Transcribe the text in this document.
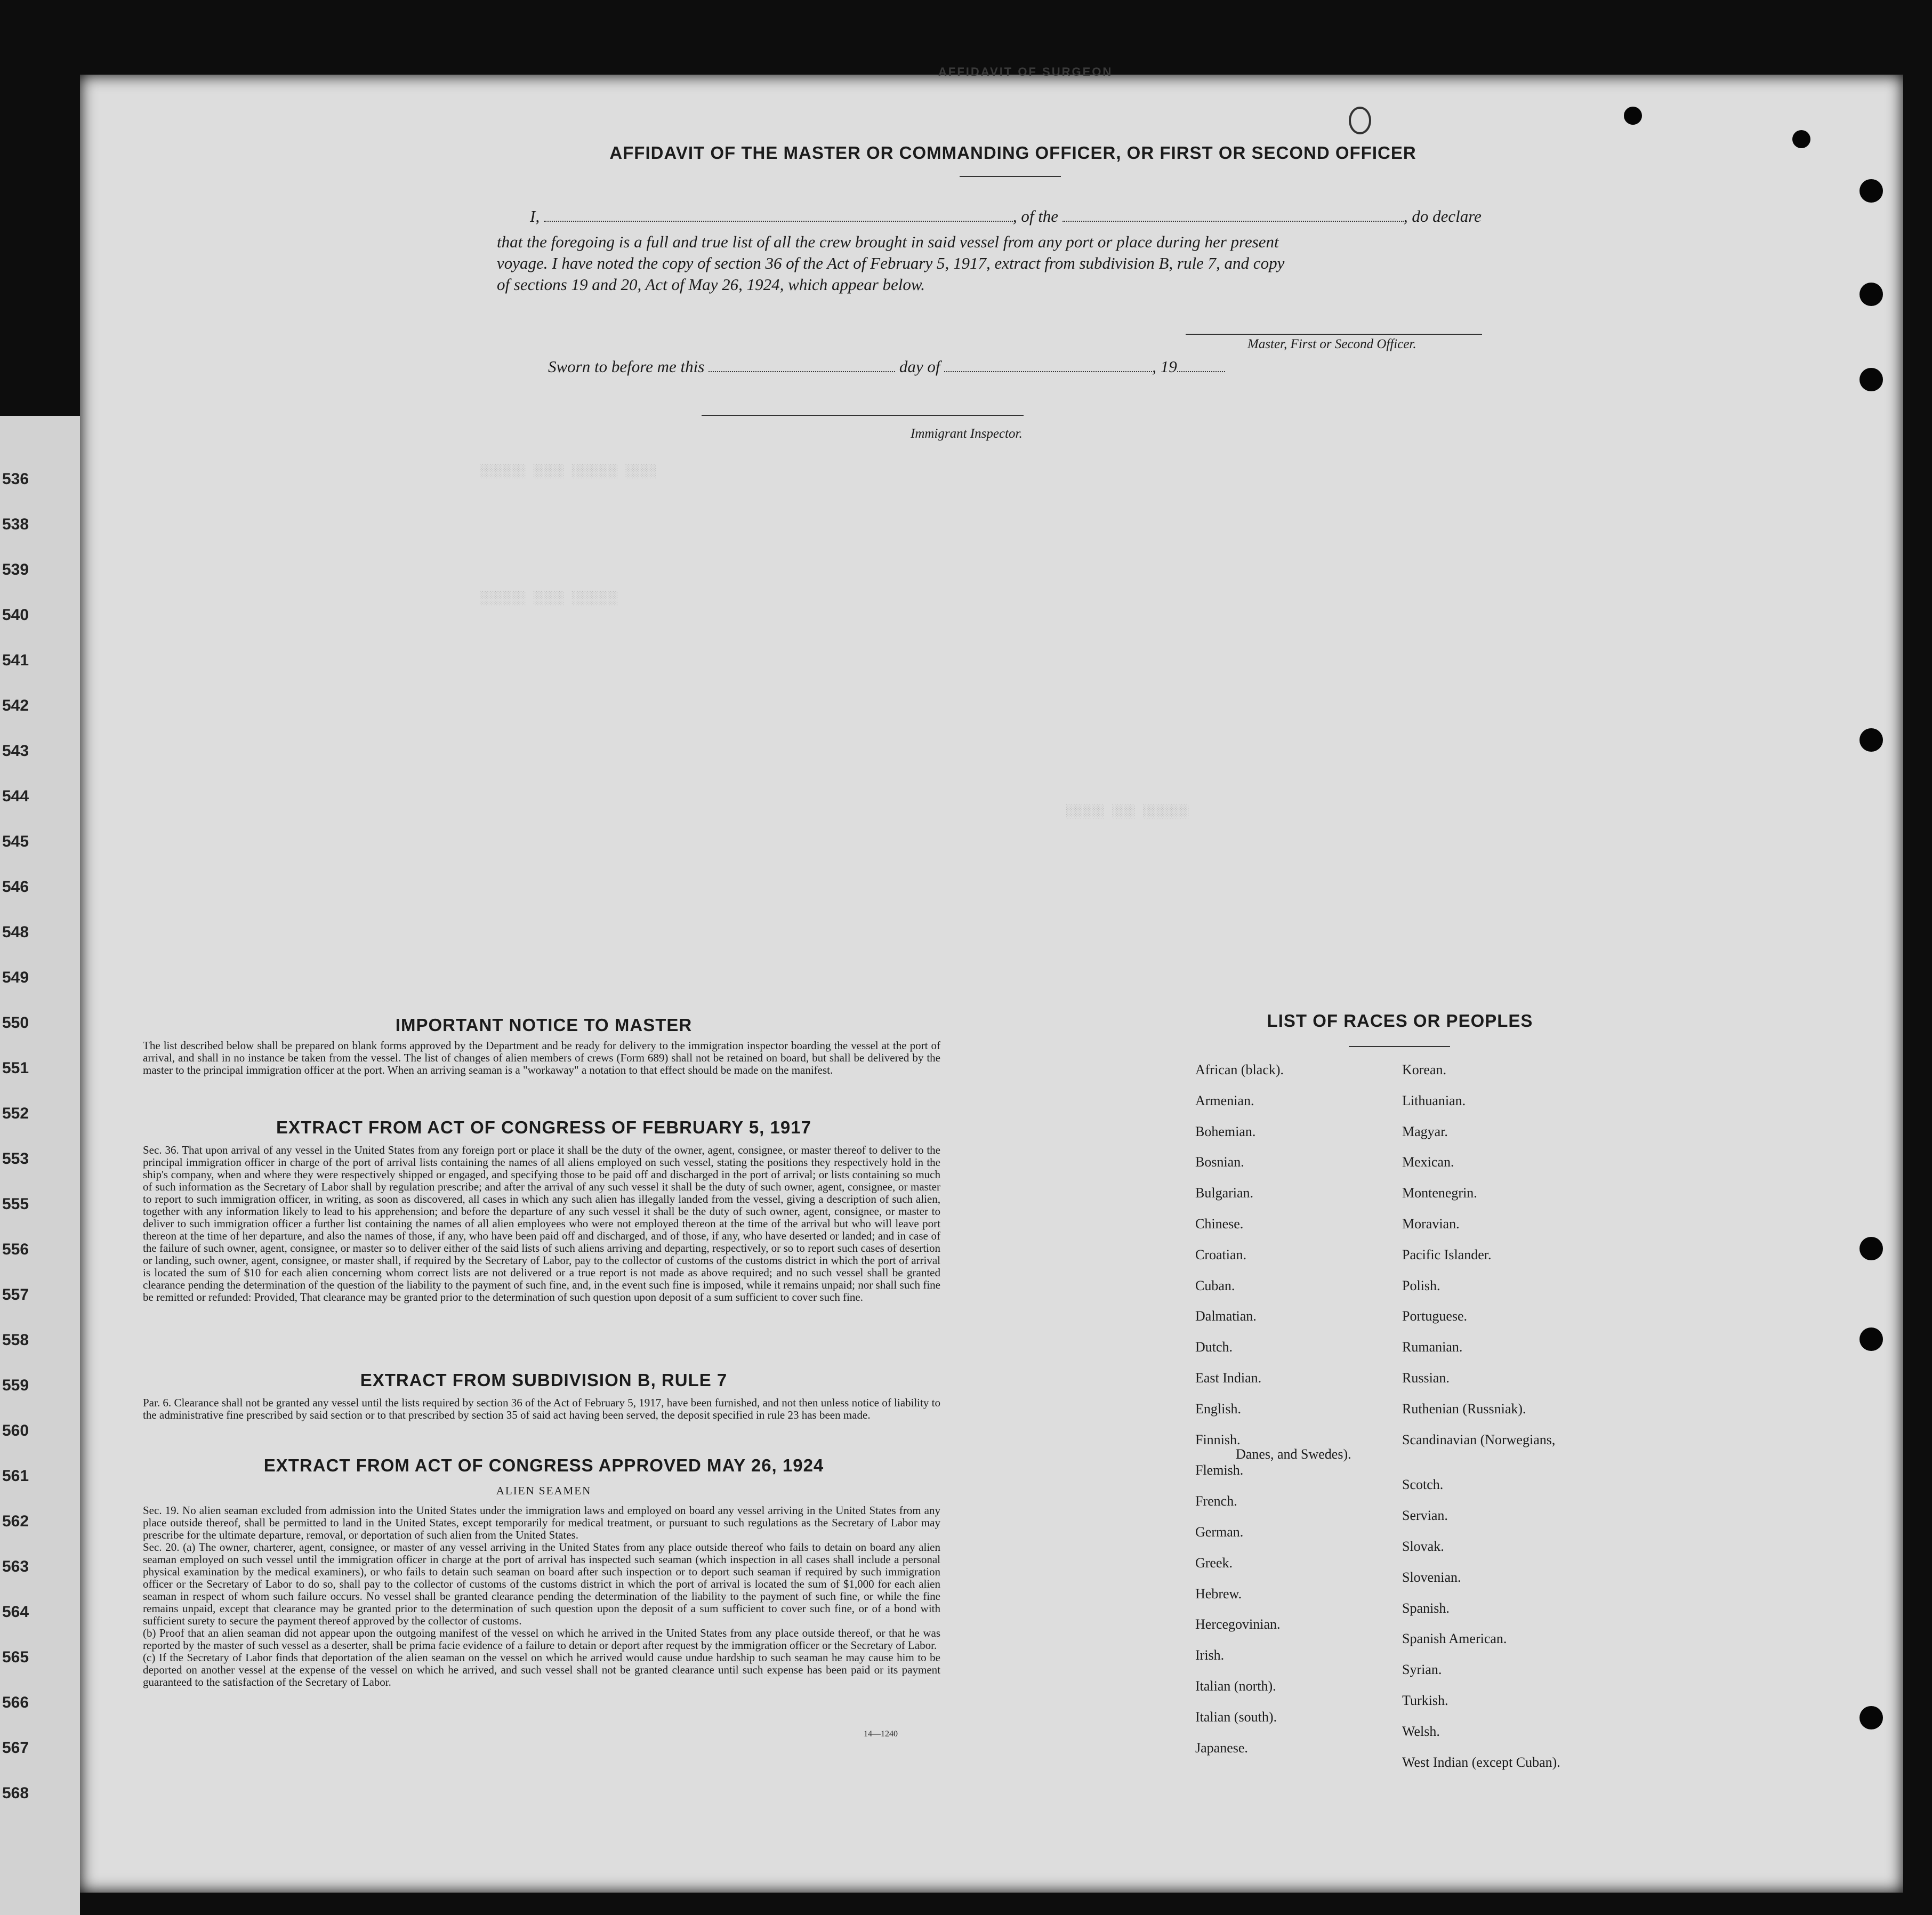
AFFIDAVIT OF SURGEON
536
538
539
540
541
542
543
544
545
546
548
549
550
551
552
553
555
556
557
558
559
560
561
562
563
564
565
566
567
568
░░░░░░ ░░░░ ░░░░░░ ░░░░
░░░░░░ ░░░░ ░░░░░░
░░░░░ ░░░ ░░░░░░
AFFIDAVIT OF THE MASTER OR COMMANDING OFFICER, OR FIRST OR SECOND OFFICER
I,	, of the	, do declare
that the foregoing is a full and true list of all the crew brought in said vessel from any port or place during her present
voyage. I have noted the copy of section 36 of the Act of February 5, 1917, extract from subdivision B, rule 7, and copy
of sections 19 and 20, Act of May 26, 1924, which appear below.
Master, First or Second Officer.
Sworn to before me this	day of	, 19
Immigrant Inspector.
IMPORTANT NOTICE TO MASTER
The list described below shall be prepared on blank forms approved by the Department and be ready for delivery to the immigration inspector boarding the vessel at the port of arrival, and shall in no instance be taken from the vessel. The list of changes of alien members of crews (Form 689) shall not be retained on board, but shall be delivered by the master to the principal immigration officer at the port. When an arriving seaman is a "workaway" a notation to that effect should be made on the manifest.
EXTRACT FROM ACT OF CONGRESS OF FEBRUARY 5, 1917
Sec. 36. That upon arrival of any vessel in the United States from any foreign port or place it shall be the duty of the owner, agent, consignee, or master thereof to deliver to the principal immigration officer in charge of the port of arrival lists containing the names of all aliens employed on such vessel, stating the positions they respectively hold in the ship's company, when and where they were respectively shipped or engaged, and specifying those to be paid off and discharged in the port of arrival; or lists containing so much of such information as the Secretary of Labor shall by regulation prescribe; and after the arrival of any such vessel it shall be the duty of such owner, agent, consignee, or master to report to such immigration officer, in writing, as soon as discovered, all cases in which any such alien has illegally landed from the vessel, giving a description of such alien, together with any information likely to lead to his apprehension; and before the departure of any such vessel it shall be the duty of such owner, agent, consignee, or master to deliver to such immigration officer a further list containing the names of all alien employees who were not employed thereon at the time of the arrival but who will leave port thereon at the time of her departure, and also the names of those, if any, who have been paid off and discharged, and of those, if any, who have deserted or landed; and in case of the failure of such owner, agent, consignee, or master so to deliver either of the said lists of such aliens arriving and departing, respectively, or so to report such cases of desertion or landing, such owner, agent, consignee, or master shall, if required by the Secretary of Labor, pay to the collector of customs of the customs district in which the port of arrival is located the sum of $10 for each alien concerning whom correct lists are not delivered or a true report is not made as above required; and no such vessel shall be granted clearance pending the determination of the question of the liability to the payment of such fine, and, in the event such fine is imposed, while it remains unpaid; nor shall such fine be remitted or refunded: Provided, That clearance may be granted prior to the determination of such question upon deposit of a sum sufficient to cover such fine.
EXTRACT FROM SUBDIVISION B, RULE 7
Par. 6. Clearance shall not be granted any vessel until the lists required by section 36 of the Act of February 5, 1917, have been furnished, and not then unless notice of liability to the administrative fine prescribed by said section or to that prescribed by section 35 of said act having been served, the deposit specified in rule 23 has been made.
EXTRACT FROM ACT OF CONGRESS APPROVED MAY 26, 1924
ALIEN SEAMEN
Sec. 19. No alien seaman excluded from admission into the United States under the immigration laws and employed on board any vessel arriving in the United States from any place outside thereof, shall be permitted to land in the United States, except temporarily for medical treatment, or pursuant to such regulations as the Secretary of Labor may prescribe for the ultimate departure, removal, or deportation of such alien from the United States.
Sec. 20. (a) The owner, charterer, agent, consignee, or master of any vessel arriving in the United States from any place outside thereof who fails to detain on board any alien seaman employed on such vessel until the immigration officer in charge at the port of arrival has inspected such seaman (which inspection in all cases shall include a personal physical examination by the medical examiners), or who fails to detain such seaman on board after such inspection or to deport such seaman if required by such immigration officer or the Secretary of Labor to do so, shall pay to the collector of customs of the customs district in which the port of arrival is located the sum of $1,000 for each alien seaman in respect of whom such failure occurs. No vessel shall be granted clearance pending the determination of the liability to the payment of such fine, or while the fine remains unpaid, except that clearance may be granted prior to the determination of such question upon the deposit of a sum sufficient to cover such fine, or of a bond with sufficient surety to secure the payment thereof approved by the collector of customs.
(b) Proof that an alien seaman did not appear upon the outgoing manifest of the vessel on which he arrived in the United States from any place outside thereof, or that he was reported by the master of such vessel as a deserter, shall be prima facie evidence of a failure to detain or deport after request by the immigration officer or the Secretary of Labor.
(c) If the Secretary of Labor finds that deportation of the alien seaman on the vessel on which he arrived would cause undue hardship to such seaman he may cause him to be deported on another vessel at the expense of the vessel on which he arrived, and such vessel shall not be granted clearance until such expense has been paid or its payment guaranteed to the satisfaction of the Secretary of Labor.
14—1240
LIST OF RACES OR PEOPLES
African (black).
Armenian.
Bohemian.
Bosnian.
Bulgarian.
Chinese.
Croatian.
Cuban.
Dalmatian.
Dutch.
East Indian.
English.
Finnish.
Flemish.
French.
German.
Greek.
Hebrew.
Hercegovinian.
Irish.
Italian (north).
Italian (south).
Japanese.
Korean.
Lithuanian.
Magyar.
Mexican.
Montenegrin.
Moravian.
Pacific Islander.
Polish.
Portuguese.
Rumanian.
Russian.
Ruthenian (Russniak).
Scandinavian (Norwegians,
Danes, and Swedes).
Scotch.
Servian.
Slovak.
Slovenian.
Spanish.
Spanish American.
Syrian.
Turkish.
Welsh.
West Indian (except Cuban).
